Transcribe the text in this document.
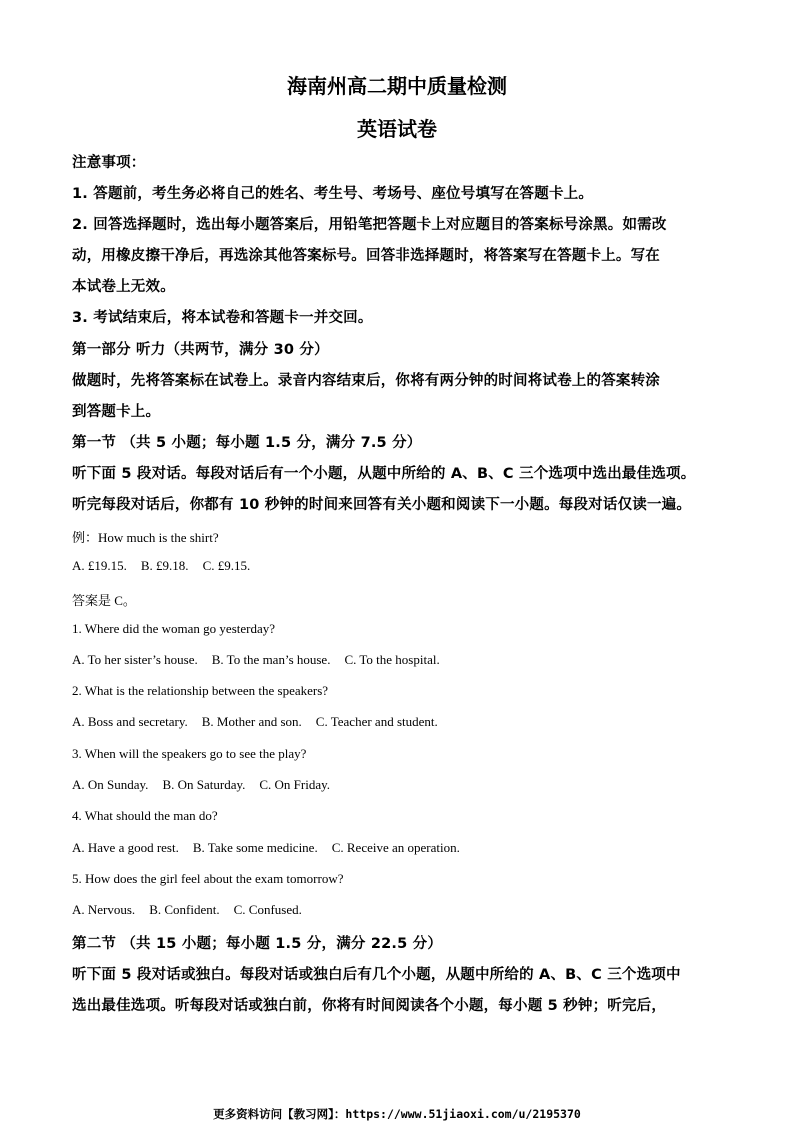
海南州高二期中质量检测
英语试卷
注意事项：
1. 答题前，考生务必将自己的姓名、考生号、考场号、座位号填写在答题卡上。
2. 回答选择题时，选出每小题答案后，用铅笔把答题卡上对应题目的答案标号涂黑。如需改
动，用橡皮擦干净后，再选涂其他答案标号。回答非选择题时，将答案写在答题卡上。写在
本试卷上无效。
3. 考试结束后，将本试卷和答题卡一并交回。
第一部分 听力（共两节，满分 30 分）
做题时，先将答案标在试卷上。录音内容结束后，你将有两分钟的时间将试卷上的答案转涂
到答题卡上。
第一节 （共 5 小题；每小题 1.5 分，满分 7.5 分）
听下面 5 段对话。每段对话后有一个小题，从题中所给的 A、B、C 三个选项中选出最佳选项。
听完每段对话后，你都有 10 秒钟的时间来回答有关小题和阅读下一小题。每段对话仅读一遍。
例：How much is the shirt?
A. £19.15. B. £9.18. C. £9.15.
答案是 C。
1. Where did the woman go yesterday?
A. To her sister’s house. B. To the man’s house. C. To the hospital.
2. What is the relationship between the speakers?
A. Boss and secretary. B. Mother and son. C. Teacher and student.
3. When will the speakers go to see the play?
A. On Sunday. B. On Saturday. C. On Friday.
4. What should the man do?
A. Have a good rest. B. Take some medicine. C. Receive an operation.
5. How does the girl feel about the exam tomorrow?
A. Nervous. B. Confident. C. Confused.
第二节 （共 15 小题；每小题 1.5 分，满分 22.5 分）
听下面 5 段对话或独白。每段对话或独白后有几个小题，从题中所给的 A、B、C 三个选项中
选出最佳选项。听每段对话或独白前，你将有时间阅读各个小题，每小题 5 秒钟；听完后，
更多资料访问【教习网】：https://www.51jiaoxi.com/u/2195370
